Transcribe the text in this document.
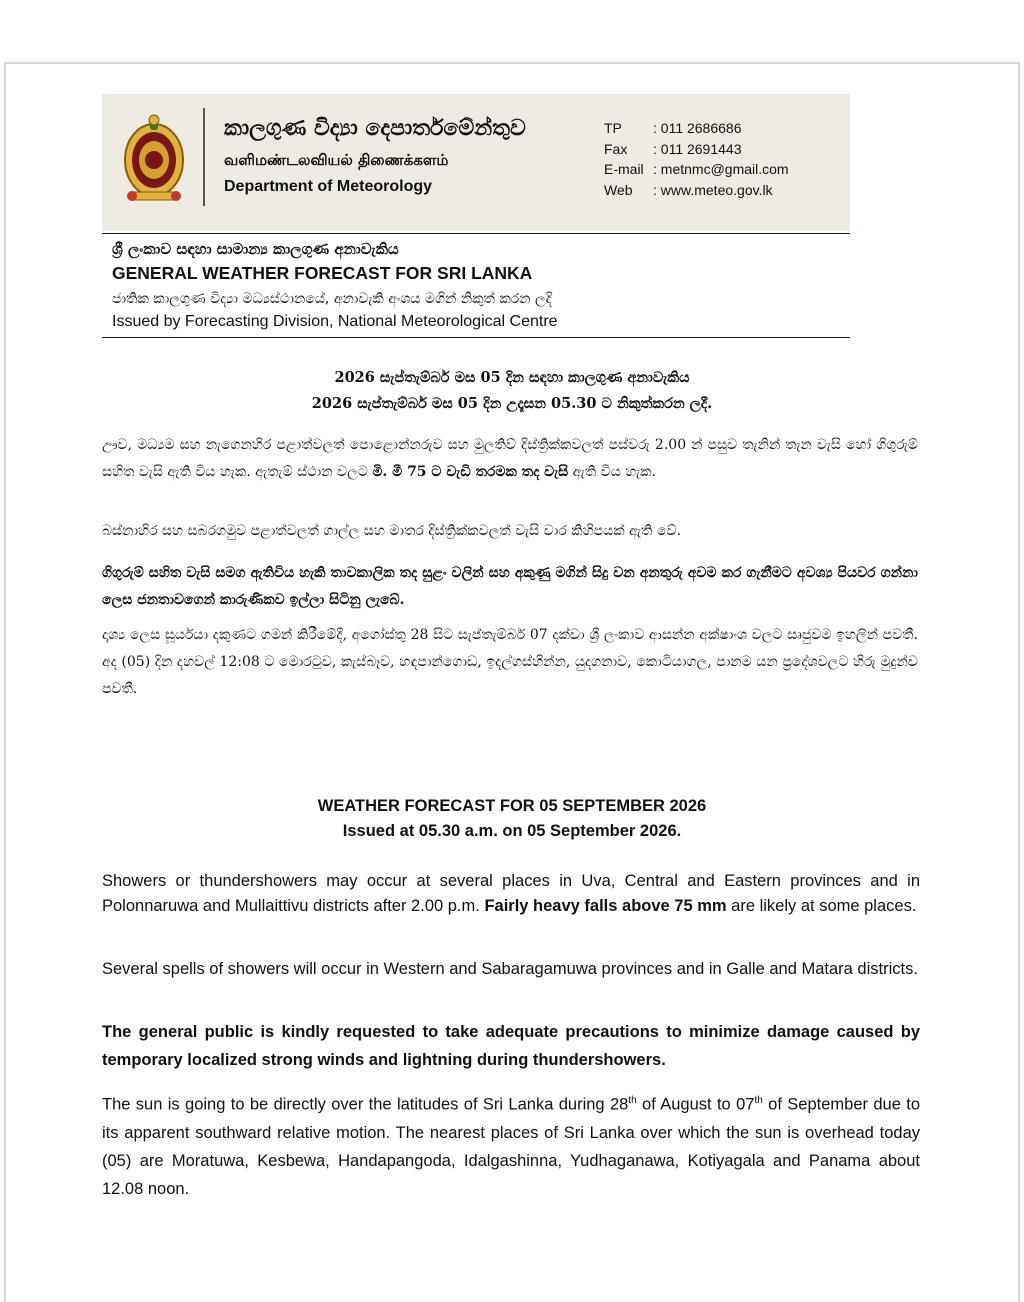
කාලගුණ විද්‍යා දෙපාර්තමේන්තුව
வளிமண்டலவியல் திணைக்களம்
Department of Meteorology
TP	: 011 2686686
Fax	: 011 2691443
E-mail : metnmc@gmail.com
Web	: www.meteo.gov.lk
ශ්‍රී ලංකාව සඳහා සාමාන්‍ය කාලගුණ අනාවැකිය
GENERAL WEATHER FORECAST FOR SRI LANKA
ජාතික කාලගුණ විද්‍යා මධ්‍යස්ථානයේ, අනාවැකි අංශය මගින් නිකුත් කරන ලදි
Issued by Forecasting Division, National Meteorological Centre
2026 සැප්තැම්බර් මස 05 දින සඳහා කාලගුණ අනාවැකිය
2026 සැප්තැම්බර් මස 05 දින උදෑසන 05.30 ට නිකුත්කරන ලදී.
ඌව, මධ්‍යම සහ නැගෙනහිර පළාත්වලත් පොළොන්නරුව සහ මුලතිව් දිස්ත්‍රික්කවලත් පස්වරු 2.00 න් පසුව තැනින් තැන වැසි හෝ ගිගුරුම් සහිත වැසි ඇති විය හැක. ඇතැම් ස්ථාන වලට මි. මී 75 ට වැඩි තරමක තද වැසි ඇති විය හැක.
බස්නාහිර සහ සබරගමුව පළාත්වලත් ගාල්ල සහ මාතර දිස්ත්‍රික්කවලත් වැසි වාර කිහිපයක් ඇති වේ.
ගිගුරුම් සහිත වැසි සමග ඇතිවිය හැකි තාවකාලික තද සුළං වලින් සහ අකුණු මගින් සිදු වන අනතුරු අවම කර ගැනීමට අවශ්‍ය පියවර ගන්නා ලෙස ජනතාවගෙන් කාරුණිකව ඉල්ලා සිටිනු ලැබේ.
දෘශ්‍ය ලෙස සූර්යයා දකුණට ගමන් කිරීමේදී, අගෝස්තු 28 සිට සැප්තැම්බර් 07 දක්වා ශ්‍රී ලංකාව ආසන්න අක්ෂාංශ වලට සෘජුවම ඉහලින් පවතී. අද (05) දින දහවල් 12:08 ට මොරටුව, කැස්බෑව, හඳපාන්ගොඩ, ඉදල්ගස්හින්න, යුදගනාව, කොටියාගල, පානම යන ප්‍රදේශවලට හිරු මුදුන්ව පවතී.
WEATHER FORECAST FOR 05 SEPTEMBER 2026
Issued at 05.30 a.m. on 05 September 2026.
Showers or thundershowers may occur at several places in Uva, Central and Eastern provinces and in Polonnaruwa and Mullaittivu districts after 2.00 p.m. Fairly heavy falls above 75 mm are likely at some places.
Several spells of showers will occur in Western and Sabaragamuwa provinces and in Galle and Matara districts.
The general public is kindly requested to take adequate precautions to minimize damage caused by temporary localized strong winds and lightning during thundershowers.
The sun is going to be directly over the latitudes of Sri Lanka during 28th of August to 07th of September due to its apparent southward relative motion. The nearest places of Sri Lanka over which the sun is overhead today (05) are Moratuwa, Kesbewa, Handapangoda, Idalgashinna, Yudhaganawa, Kotiyagala and Panama about 12.08 noon.
